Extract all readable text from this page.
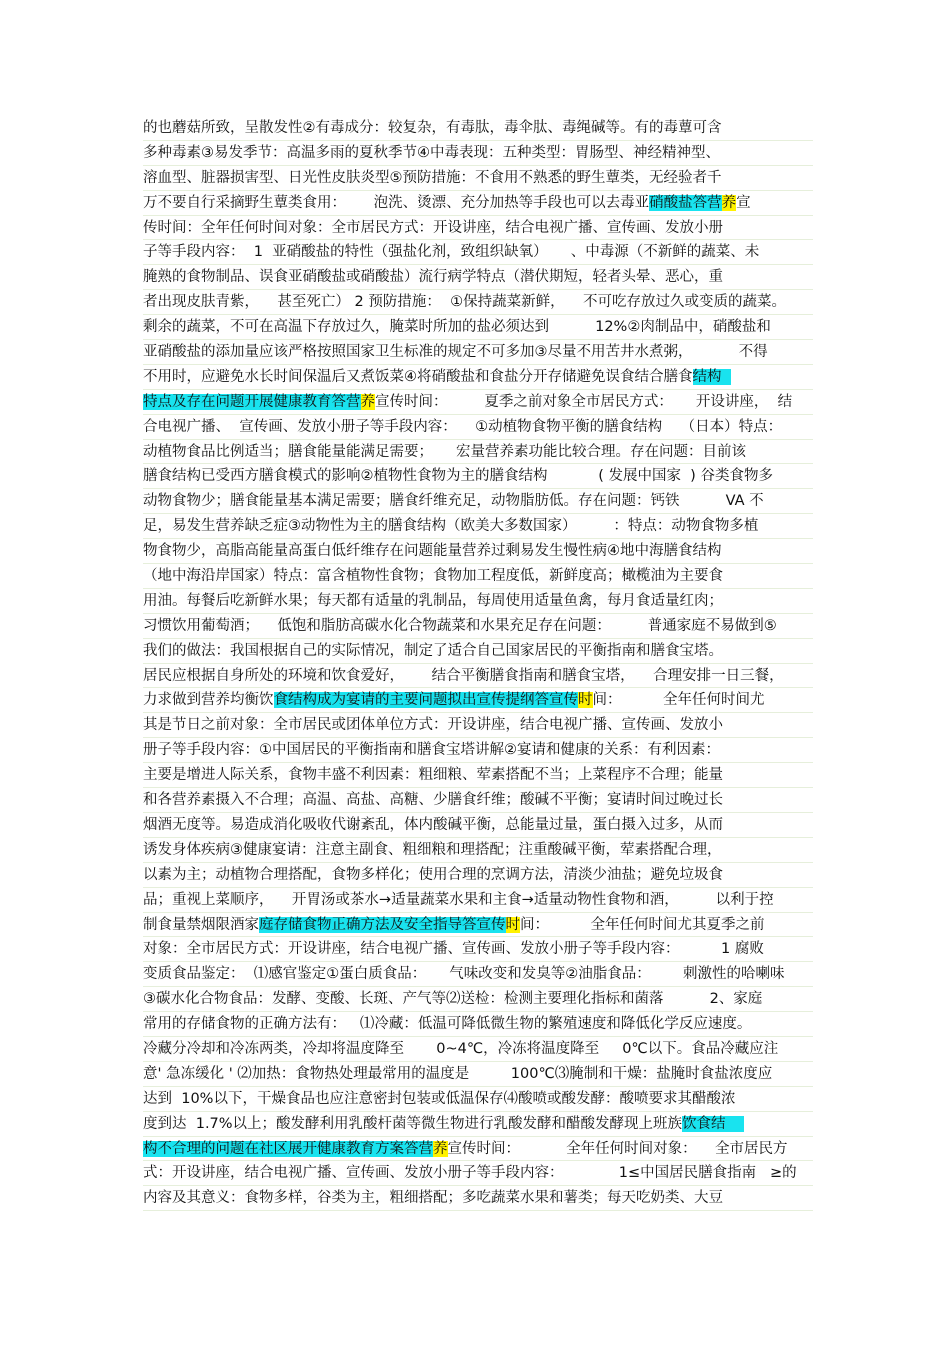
的也蘑菇所致，呈散发性②有毒成分：较复杂，有毒肽，毒伞肽、毒绳碱等。有的毒蕈可含
多种毒素③易发季节：高温多雨的夏秋季节④中毒表现：五种类型：胃肠型、神经精神型、
溶血型、脏器损害型、日光性皮肤炎型⑤预防措施：不食用不熟悉的野生蕈类，无经验者千
万不要自行采摘野生蕈类食用：      泡洗、烫漂、充分加热等手段也可以去毒亚硝酸盐答营养宣
传时间：全年任何时间对象：全市居民方式：开设讲座，结合电视广播、宣传画、发放小册
子等手段内容：  1  亚硝酸盐的特性（强盐化剂，致组织缺氧）     、中毒源（不新鲜的蔬菜、未
腌熟的食物制品、误食亚硝酸盐或硝酸盐）流行病学特点（潜伏期短，轻者头晕、恶心，重
者出现皮肤青紫，    甚至死亡） 2 预防措施：  ①保持蔬菜新鲜，    不可吃存放过久或变质的蔬菜。
剩余的蔬菜，不可在高温下存放过久，腌菜时所加的盐必须达到          12%②肉制品中，硝酸盐和
亚硝酸盐的添加量应该严格按照国家卫生标准的规定不可多加③尽量不用苦井水煮粥，          不得
不用时，应避免水长时间保温后又煮饭菜④将硝酸盐和食盐分开存储避免误食结合膳食结构
特点及存在问题开展健康教育答营养宣传时间：        夏季之前对象全市居民方式：     开设讲座，  结
合电视广播、  宣传画、发放小册子等手段内容：    ①动植物食物平衡的膳食结构    （日本）特点：
动植物食品比例适当；膳食能量能满足需要；     宏量营养素功能比较合理。存在问题：目前该
膳食结构已受西方膳食模式的影响②植物性食物为主的膳食结构           ( 发展中国家  ) 谷类食物多
动物食物少；膳食能量基本满足需要；膳食纤维充足，动物脂肪低。存在问题：钙铁          VA 不
足，易发生营养缺乏症③动物性为主的膳食结构（欧美大多数国家）        ：特点：动物食物多植
物食物少，高脂高能量高蛋白低纤维存在问题能量营养过剩易发生慢性病④地中海膳食结构
（地中海沿岸国家）特点：富含植物性食物；食物加工程度低，新鲜度高；橄榄油为主要食
用油。每餐后吃新鲜水果；每天都有适量的乳制品，每周使用适量鱼禽，每月食适量红肉；
习惯饮用葡萄酒；    低饱和脂肪高碳水化合物蔬菜和水果充足存在问题：        普通家庭不易做到⑤
我们的做法：我国根据自己的实际情况，制定了适合自己国家居民的平衡指南和膳食宝塔。
居民应根据自身所处的环境和饮食爱好，      结合平衡膳食指南和膳食宝塔，    合理安排一日三餐，
力求做到营养均衡饮食结构成为宴请的主要问题拟出宣传提纲答宣传时间：         全年任何时间尤
其是节日之前对象：全市居民或团体单位方式：开设讲座，结合电视广播、宣传画、发放小
册子等手段内容：①中国居民的平衡指南和膳食宝塔讲解②宴请和健康的关系：有利因素：
主要是增进人际关系，食物丰盛不利因素：粗细粮、荤素搭配不当；上菜程序不合理；能量
和各营养素摄入不合理；高温、高盐、高糖、少膳食纤维；酸碱不平衡；宴请时间过晚过长
烟酒无度等。易造成消化吸收代谢紊乱，体内酸碱平衡，总能量过量，蛋白摄入过多，从而
诱发身体疾病③健康宴请：注意主副食、粗细粮和理搭配；注重酸碱平衡，荤素搭配合理，
以素为主；动植物合理搭配，食物多样化；使用合理的烹调方法，清淡少油盐；避免垃圾食
品；重视上菜顺序，    开胃汤或茶水→适量蔬菜水果和主食→适量动物性食物和酒，        以利于控
制食量禁烟限酒家庭存储食物正确方法及安全指导答宣传时间：         全年任何时间尤其夏季之前
对象：全市居民方式：开设讲座，结合电视广播、宣传画、发放小册子等手段内容：         1 腐败
变质食品鉴定：  ⑴感官鉴定①蛋白质食品：     气味改变和发臭等②油脂食品：       刺激性的哈喇味
③碳水化合物食品：发酵、变酸、长斑、产气等⑵送检：检测主要理化指标和菌落          2、家庭
常用的存储食物的正确方法有：   ⑴冷藏：低温可降低微生物的繁殖速度和降低化学反应速度。
冷藏分冷却和冷冻两类，冷却将温度降至       0~4℃，冷冻将温度降至     0℃以下。食品冷藏应注
意' 急冻缓化 ' ⑵加热：食物热处理最常用的温度是         100℃⑶腌制和干燥：盐腌时食盐浓度应
达到  10%以下，干燥食品也应注意密封包装或低温保存⑷酸喷或酸发酵：酸喷要求其醋酸浓
度到达  1.7%以上；酸发酵利用乳酸杆菌等微生物进行乳酸发酵和醋酸发酵现上班族饮食结
构不合理的问题在社区展开健康教育方案答营养宣传时间：          全年任何时间对象：    全市居民方
式：开设讲座，结合电视广播、宣传画、发放小册子等手段内容：            1≤中国居民膳食指南   ≥的
内容及其意义：食物多样，谷类为主，粗细搭配；多吃蔬菜水果和薯类；每天吃奶类、大豆
